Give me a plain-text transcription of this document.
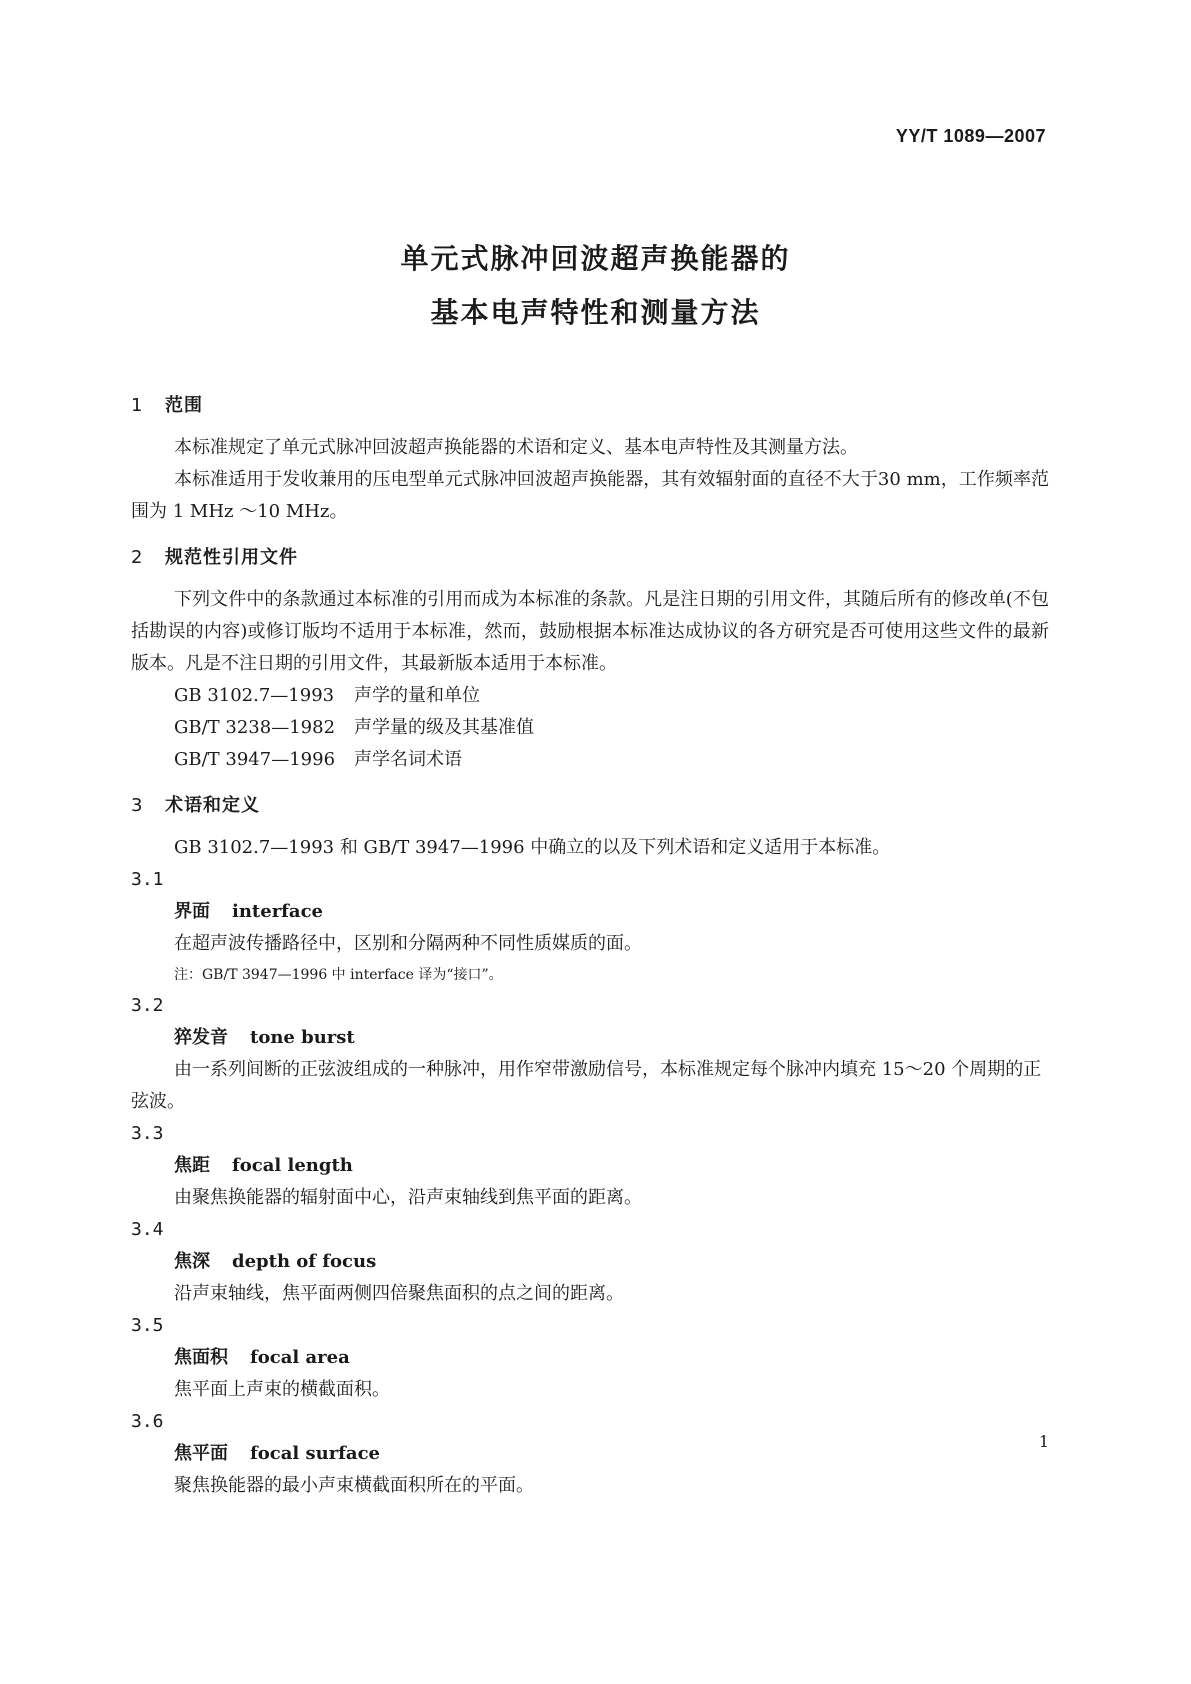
YY/T 1089—2007
单元式脉冲回波超声换能器的
基本电声特性和测量方法

1 范围

本标准规定了单元式脉冲回波超声换能器的术语和定义、基本电声特性及其测量方法。

本标准适用于发收兼用的压电型单元式脉冲回波超声换能器，其有效辐射面的直径不大于30 mm，工作频率范围为 1 MHz ～10 MHz。

2 规范性引用文件

下列文件中的条款通过本标准的引用而成为本标准的条款。凡是注日期的引用文件，其随后所有的修改单(不包括勘误的内容)或修订版均不适用于本标准，然而，鼓励根据本标准达成协议的各方研究是否可使用这些文件的最新版本。凡是不注日期的引用文件，其最新版本适用于本标准。

GB 3102.7—1993 声学的量和单位

GB/T 3238—1982 声学量的级及其基准值

GB/T 3947—1996 声学名词术语

3 术语和定义

GB 3102.7—1993 和 GB/T 3947—1996 中确立的以及下列术语和定义适用于本标准。

3.1

界面 interface

在超声波传播路径中，区别和分隔两种不同性质媒质的面。

注：GB/T 3947—1996 中 interface 译为“接口”。

3.2

猝发音 tone burst

由一系列间断的正弦波组成的一种脉冲，用作窄带激励信号，本标准规定每个脉冲内填充 15～20 个周期的正弦波。

3.3

焦距 focal length

由聚焦换能器的辐射面中心，沿声束轴线到焦平面的距离。

3.4

焦深 depth of focus

沿声束轴线，焦平面两侧四倍聚焦面积的点之间的距离。

3.5

焦面积 focal area

焦平面上声束的横截面积。

3.6

焦平面 focal surface

聚焦换能器的最小声束横截面积所在的平面。

1
